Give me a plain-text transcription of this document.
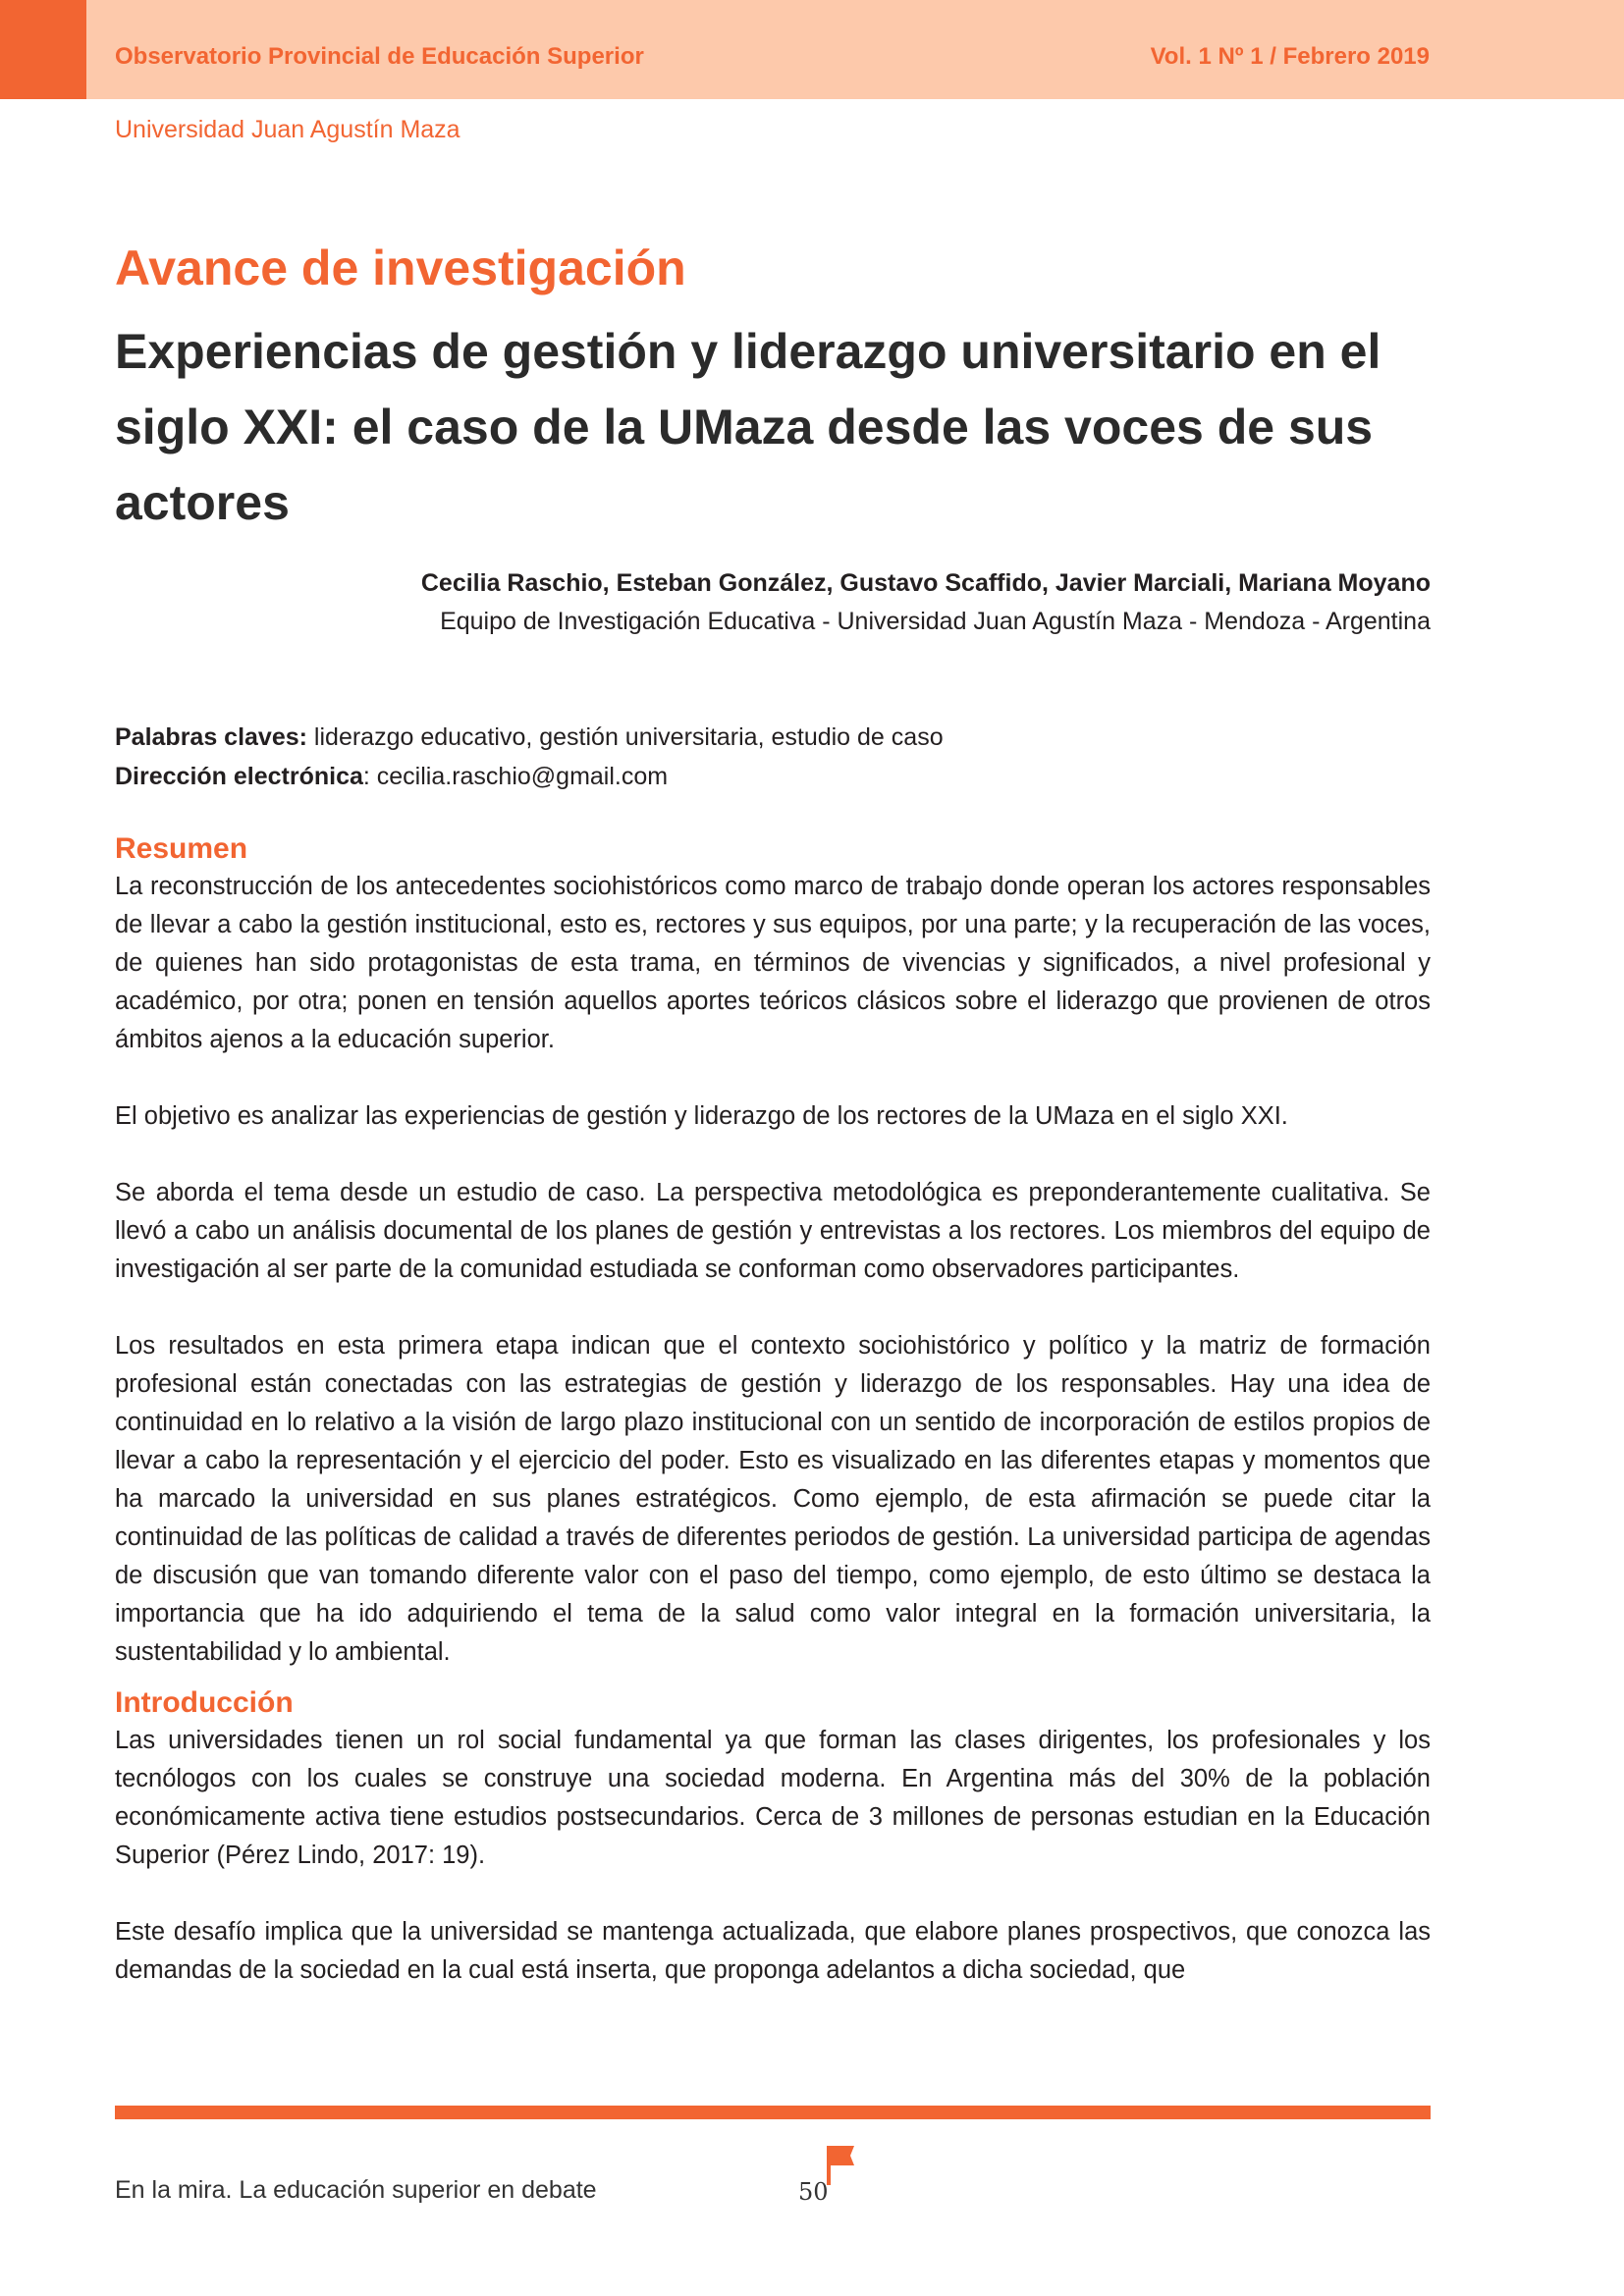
Observatorio Provincial de Educación Superior	Vol. 1 Nº 1 / Febrero 2019
Universidad Juan Agustín Maza
Avance de investigación
Experiencias de gestión y liderazgo universitario en el siglo XXI: el caso de la UMaza desde las voces de sus actores
Cecilia Raschio, Esteban González, Gustavo Scaffido, Javier Marciali, Mariana Moyano
Equipo de Investigación Educativa - Universidad Juan Agustín Maza - Mendoza - Argentina
Palabras claves: liderazgo educativo, gestión universitaria, estudio de caso
Dirección electrónica: cecilia.raschio@gmail.com
Resumen

La reconstrucción de los antecedentes sociohistóricos como marco de trabajo donde operan los actores responsables de llevar a cabo la gestión institucional, esto es, rectores y sus equipos, por una parte; y la recuperación de las voces, de quienes han sido protagonistas de esta trama, en términos de vivencias y significados, a nivel profesional y académico, por otra; ponen en tensión aquellos aportes teóricos clásicos sobre el liderazgo que provienen de otros ámbitos ajenos a la educación superior.

El objetivo es analizar las experiencias de gestión y liderazgo de los rectores de la UMaza en el siglo XXI.

Se aborda el tema desde un estudio de caso. La perspectiva metodológica es preponderantemente cualitativa. Se llevó a cabo un análisis documental de los planes de gestión y entrevistas a los rectores. Los miembros del equipo de investigación al ser parte de la comunidad estudiada se conforman como observadores participantes.

Los resultados en esta primera etapa indican que el contexto sociohistórico y político y la matriz de formación profesional están conectadas con las estrategias de gestión y liderazgo de los responsables. Hay una idea de continuidad en lo relativo a la visión de largo plazo institucional con un sentido de incorporación de estilos propios de llevar a cabo la representación y el ejercicio del poder. Esto es visualizado en las diferentes etapas y momentos que ha marcado la universidad en sus planes estratégicos. Como ejemplo, de esta afirmación se puede citar la continuidad de las políticas de calidad a través de diferentes periodos de gestión. La universidad participa de agendas de discusión que van tomando diferente valor con el paso del tiempo, como ejemplo, de esto último se destaca la importancia que ha ido adquiriendo el tema de la salud como valor integral en la formación universitaria, la sustentabilidad y lo ambiental.

Introducción

Las universidades tienen un rol social fundamental ya que forman las clases dirigentes, los profesionales y los tecnólogos con los cuales se construye una sociedad moderna. En Argentina más del 30% de la población económicamente activa tiene estudios postsecundarios. Cerca de 3 millones de personas estudian en la Educación Superior (Pérez Lindo, 2017: 19).

Este desafío implica que la universidad se mantenga actualizada, que elabore planes prospectivos, que conozca las demandas de la sociedad en la cual está inserta, que proponga adelantos a dicha sociedad, que

En la mira. La educación superior en debate	50
